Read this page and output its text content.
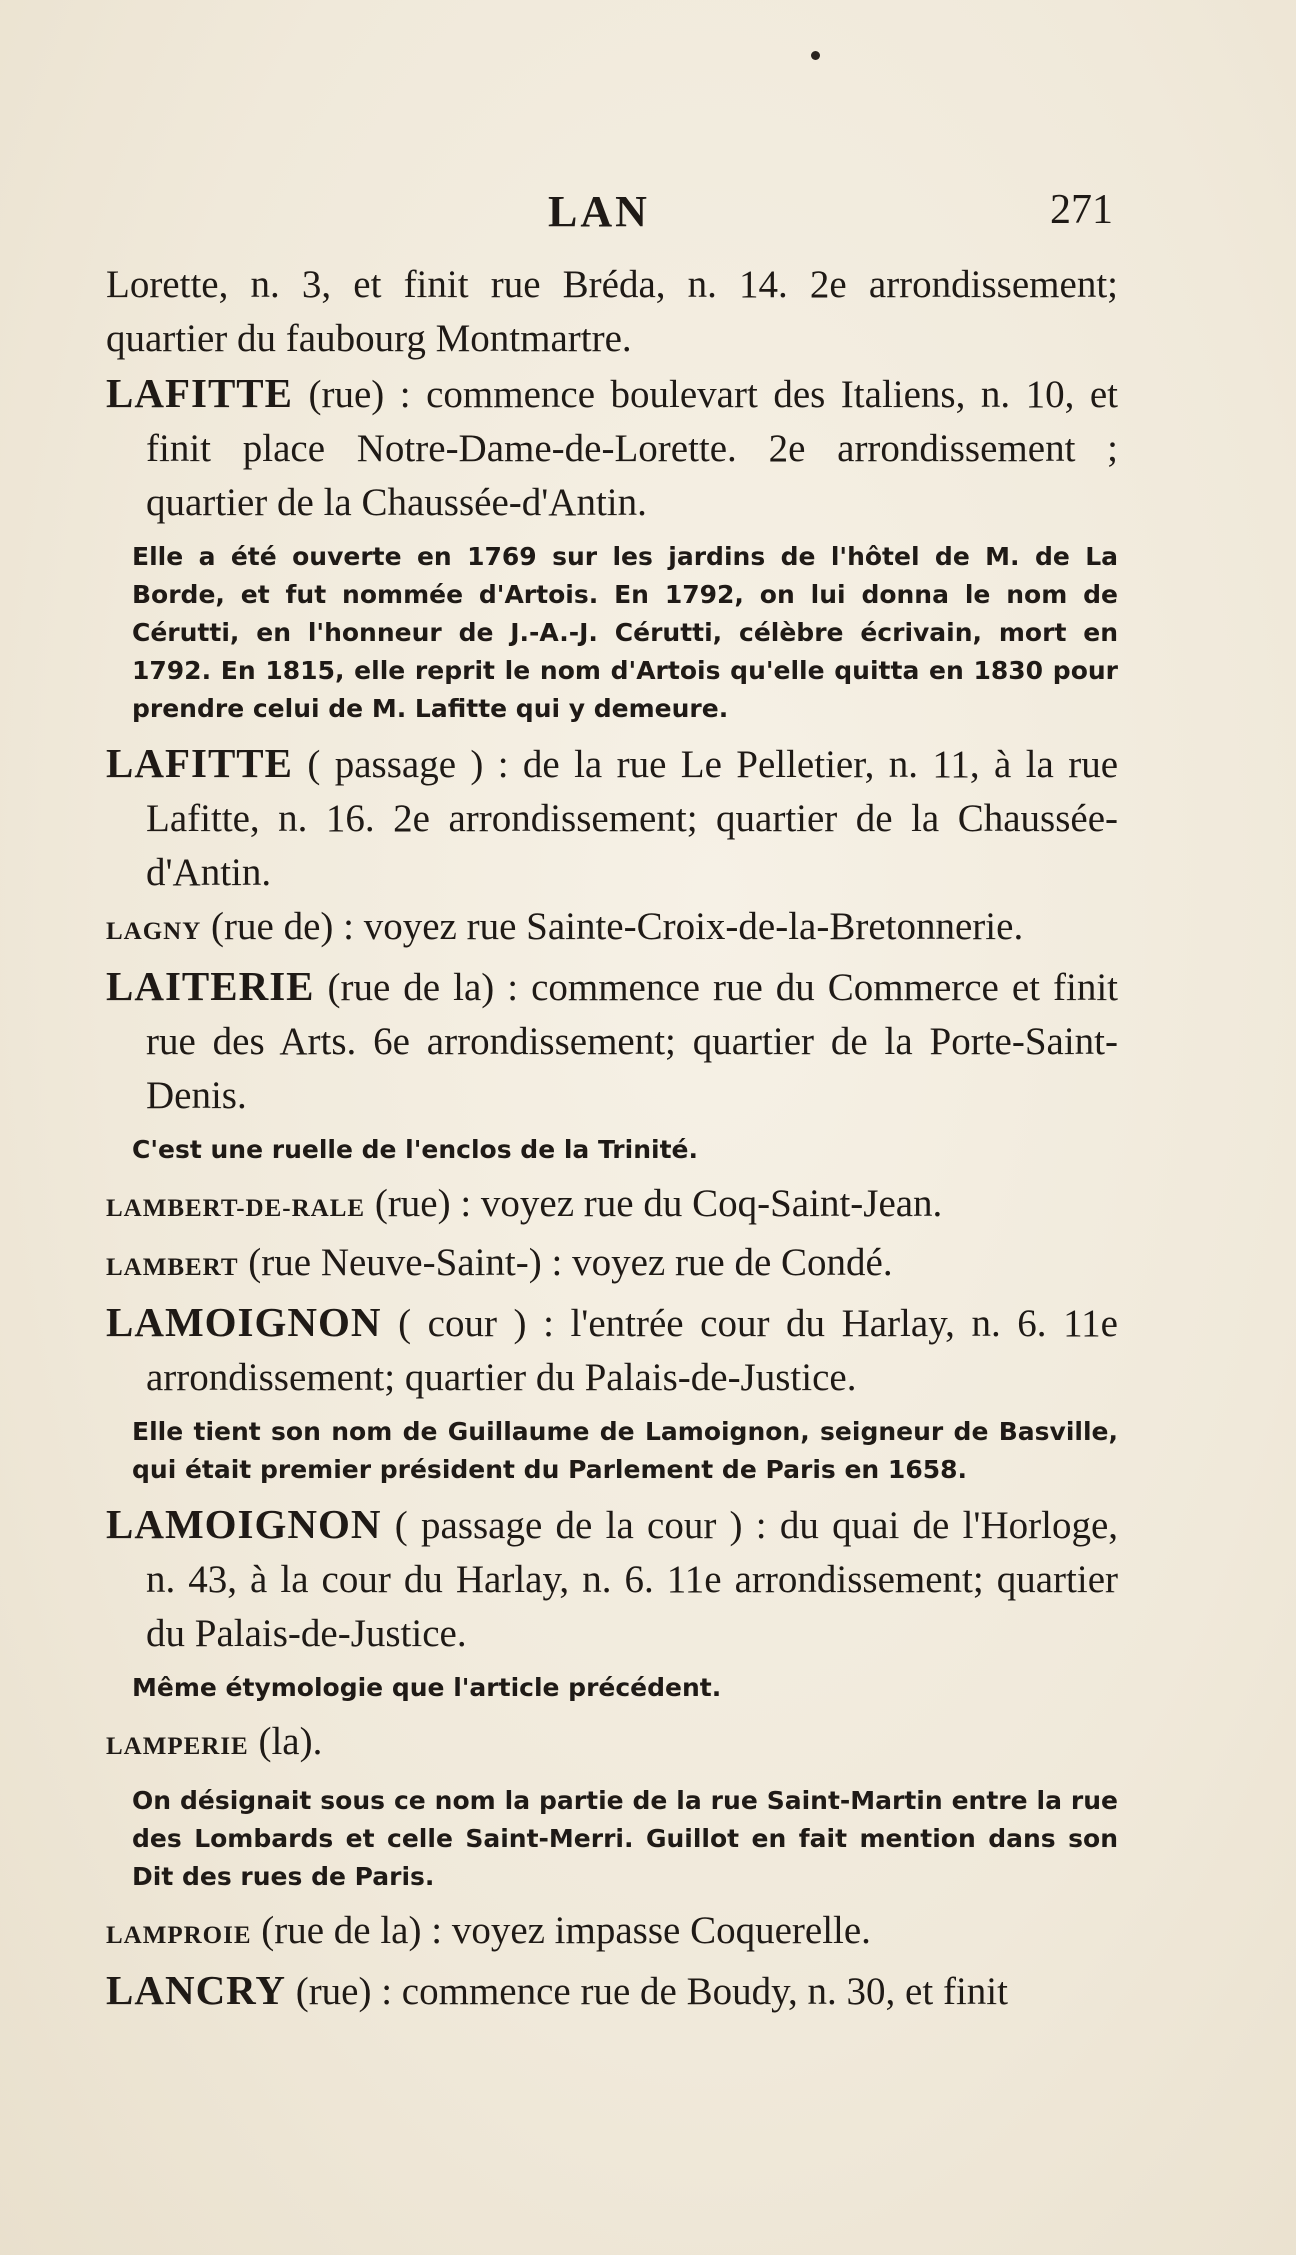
LAN	271

Lorette, n. 3, et finit rue Bréda, n. 14. 2e arrondissement; quartier du faubourg Montmartre.

LAFITTE (rue) : commence boulevart des Italiens, n. 10, et finit place Notre-Dame-de-Lorette. 2e arrondissement ; quartier de la Chaussée-d'Antin.
Elle a été ouverte en 1769 sur les jardins de l'hôtel de M. de La Borde, et fut nommée d'Artois. En 1792, on lui donna le nom de Cérutti, en l'honneur de J.-A.-J. Cérutti, célèbre écrivain, mort en 1792. En 1815, elle reprit le nom d'Artois qu'elle quitta en 1830 pour prendre celui de M. Lafitte qui y demeure.
LAFITTE ( passage ) : de la rue Le Pelletier, n. 11, à la rue Lafitte, n. 16. 2e arrondissement; quartier de la Chaussée-d'Antin.
LAGNY (rue de) : voyez rue Sainte-Croix-de-la-Bretonnerie.
LAITERIE (rue de la) : commence rue du Commerce et finit rue des Arts. 6e arrondissement; quartier de la Porte-Saint-Denis.
C'est une ruelle de l'enclos de la Trinité.
LAMBERT-DE-RALE (rue) : voyez rue du Coq-Saint-Jean.
LAMBERT (rue Neuve-Saint-) : voyez rue de Condé.
LAMOIGNON ( cour ) : l'entrée cour du Harlay, n. 6. 11e arrondissement; quartier du Palais-de-Justice.
Elle tient son nom de Guillaume de Lamoignon, seigneur de Basville, qui était premier président du Parlement de Paris en 1658.
LAMOIGNON ( passage de la cour ) : du quai de l'Horloge, n. 43, à la cour du Harlay, n. 6. 11e arrondissement; quartier du Palais-de-Justice.
Même étymologie que l'article précédent.
LAMPERIE (la).
On désignait sous ce nom la partie de la rue Saint-Martin entre la rue des Lombards et celle Saint-Merri. Guillot en fait mention dans son Dit des rues de Paris.
LAMPROIE (rue de la) : voyez impasse Coquerelle.
LANCRY (rue) : commence rue de Boudy, n. 30, et finit
